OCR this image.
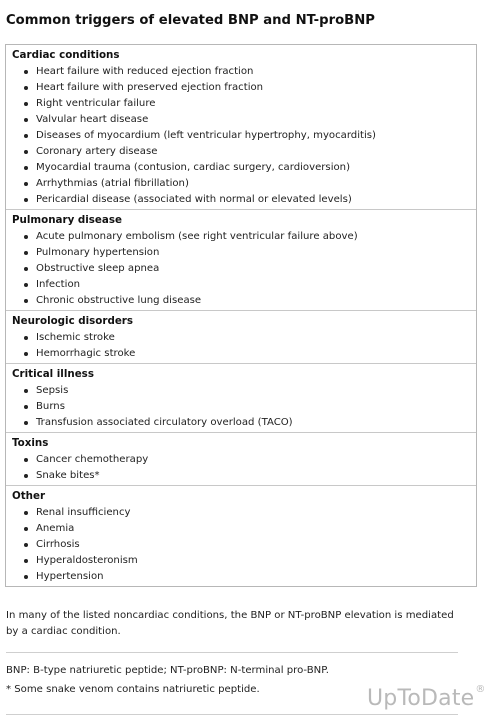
Common triggers of elevated BNP and NT-proBNP
Cardiac conditions
Heart failure with reduced ejection fraction
Heart failure with preserved ejection fraction
Right ventricular failure
Valvular heart disease
Diseases of myocardium (left ventricular hypertrophy, myocarditis)
Coronary artery disease
Myocardial trauma (contusion, cardiac surgery, cardioversion)
Arrhythmias (atrial fibrillation)
Pericardial disease (associated with normal or elevated levels)
Pulmonary disease
Acute pulmonary embolism (see right ventricular failure above)
Pulmonary hypertension
Obstructive sleep apnea
Infection
Chronic obstructive lung disease
Neurologic disorders
Ischemic stroke
Hemorrhagic stroke
Critical illness
Sepsis
Burns
Transfusion associated circulatory overload (TACO)
Toxins
Cancer chemotherapy
Snake bites*
Other
Renal insufficiency
Anemia
Cirrhosis
Hyperaldosteronism
Hypertension

In many of the listed noncardiac conditions, the BNP or NT-proBNP elevation is mediated by a cardiac condition.

BNP: B-type natriuretic peptide; NT-proBNP: N-terminal pro-BNP.

* Some snake venom contains natriuretic peptide.	UpToDate®
